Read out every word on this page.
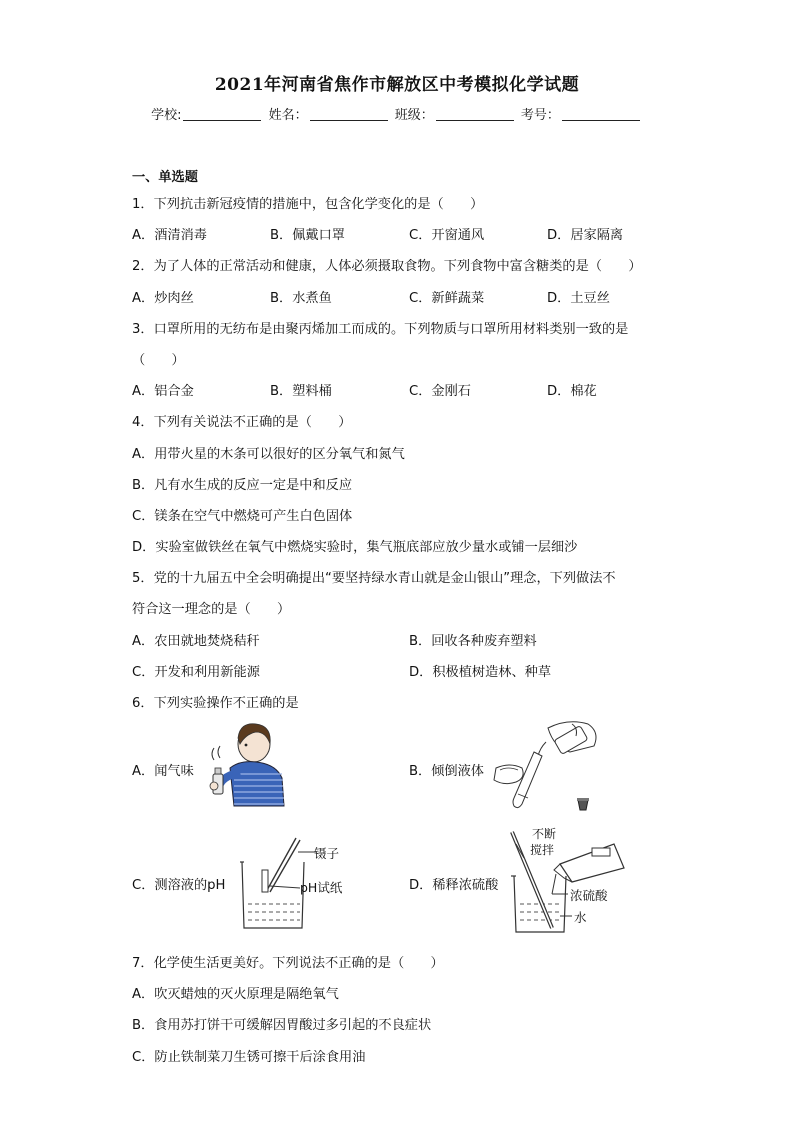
2021年河南省焦作市解放区中考模拟化学试题
学校:	姓名：	班级：	考号：
一、单选题
1．下列抗击新冠疫情的措施中，包含化学变化的是（　　）
A．酒清消毒	B．佩戴口罩	C．开窗通风	D．居家隔离
2．为了人体的正常活动和健康，人体必须摄取食物。下列食物中富含糖类的是（　　）
A．炒肉丝	B．水煮鱼	C．新鲜蔬菜	D．土豆丝
3．口罩所用的无纺布是由聚丙烯加工而成的。下列物质与口罩所用材料类别一致的是
（　　）
A．铝合金	B．塑料桶	C．金刚石	D．棉花
4．下列有关说法不正确的是（　　）
A．用带火星的木条可以很好的区分氧气和氮气
B．凡有水生成的反应一定是中和反应
C．镁条在空气中燃烧可产生白色固体
D．实验室做铁丝在氧气中燃烧实验时，集气瓶底部应放少量水或铺一层细沙
5．党的十九届五中全会明确提出“要坚持绿水青山就是金山银山”理念，下列做法不
符合这一理念的是（　　）
A．农田就地焚烧秸秆	B．回收各种废弃塑料
C．开发和利用新能源	D．积极植树造林、种草
6．下列实验操作不正确的是
A．闻气味	B．倾倒液体
C．测溶液的pH
镊子
pH试纸	D．稀释浓硫酸
不断
搅拌
浓硫酸
水
7．化学使生活更美好。下列说法不正确的是（　　）
A．吹灭蜡烛的灭火原理是隔绝氧气
B．食用苏打饼干可缓解因胃酸过多引起的不良症状
C．防止铁制菜刀生锈可擦干后涂食用油
